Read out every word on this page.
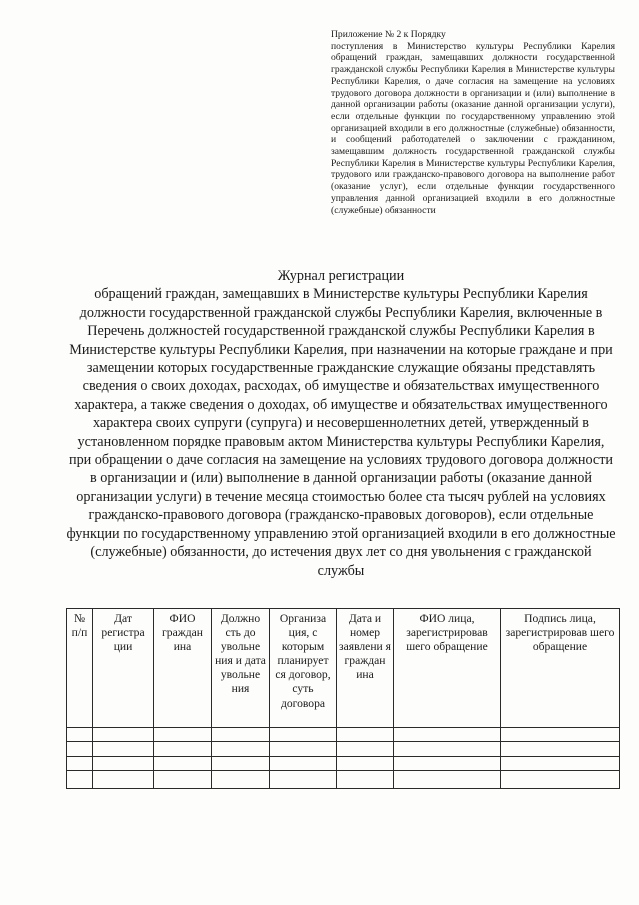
Приложение № 2 к Порядку
поступления в Министерство культуры Республики Карелия обращений граждан, замещавших должности государственной гражданской службы Республики Карелия в Министерстве культуры Республики Карелия, о даче согласия на замещение на условиях трудового договора должности в организации и (или) выполнение в данной организации работы (оказание данной организации услуги), если отдельные функции по государственному управлению этой организацией входили в его должностные (служебные) обязанности, и сообщений работодателей о заключении с гражданином, замещавшим должность государственной гражданской службы Республики Карелия в Министерстве культуры Республики Карелия, трудового или гражданско-правового договора на выполнение работ (оказание услуг), если отдельные функции государственного управления данной организацией входили в его должностные (служебные) обязанности
Журнал регистрации
обращений граждан, замещавших в Министерстве культуры Республики Карелия должности государственной гражданской службы Республики Карелия, включенные в Перечень должностей государственной гражданской службы Республики Карелия в Министерстве культуры Республики Карелия, при назначении на которые граждане и при замещении которых государственные гражданские служащие обязаны представлять сведения о своих доходах, расходах, об имуществе и обязательствах имущественного характера, а также сведения о доходах, об имуществе и обязательствах имущественного характера своих супруги (супруга) и несовершеннолетних детей, утвержденный в установленном порядке правовым актом Министерства культуры Республики Карелия, при обращении о даче согласия на замещение на условиях трудового договора должности в организации и (или) выполнение в данной организации работы (оказание данной организации услуги) в течение месяца стоимостью более ста тысяч рублей на условиях гражданско-правового договора (гражданско-правовых договоров), если отдельные функции по государственному управлению этой организацией входили в его должностные (служебные) обязанности, до истечения двух лет со дня увольнения с гражданской службы
№ п/п	Дат регистра ции	ФИО граждан ина	Должно сть до увольне ния и дата увольне ния	Организа ция, с которым планирует ся договор, суть договора	Дата и номер заявлени я граждан ина	ФИО лица, зарегистрировав шего обращение	Подпись лица, зарегистрировав шего обращение
